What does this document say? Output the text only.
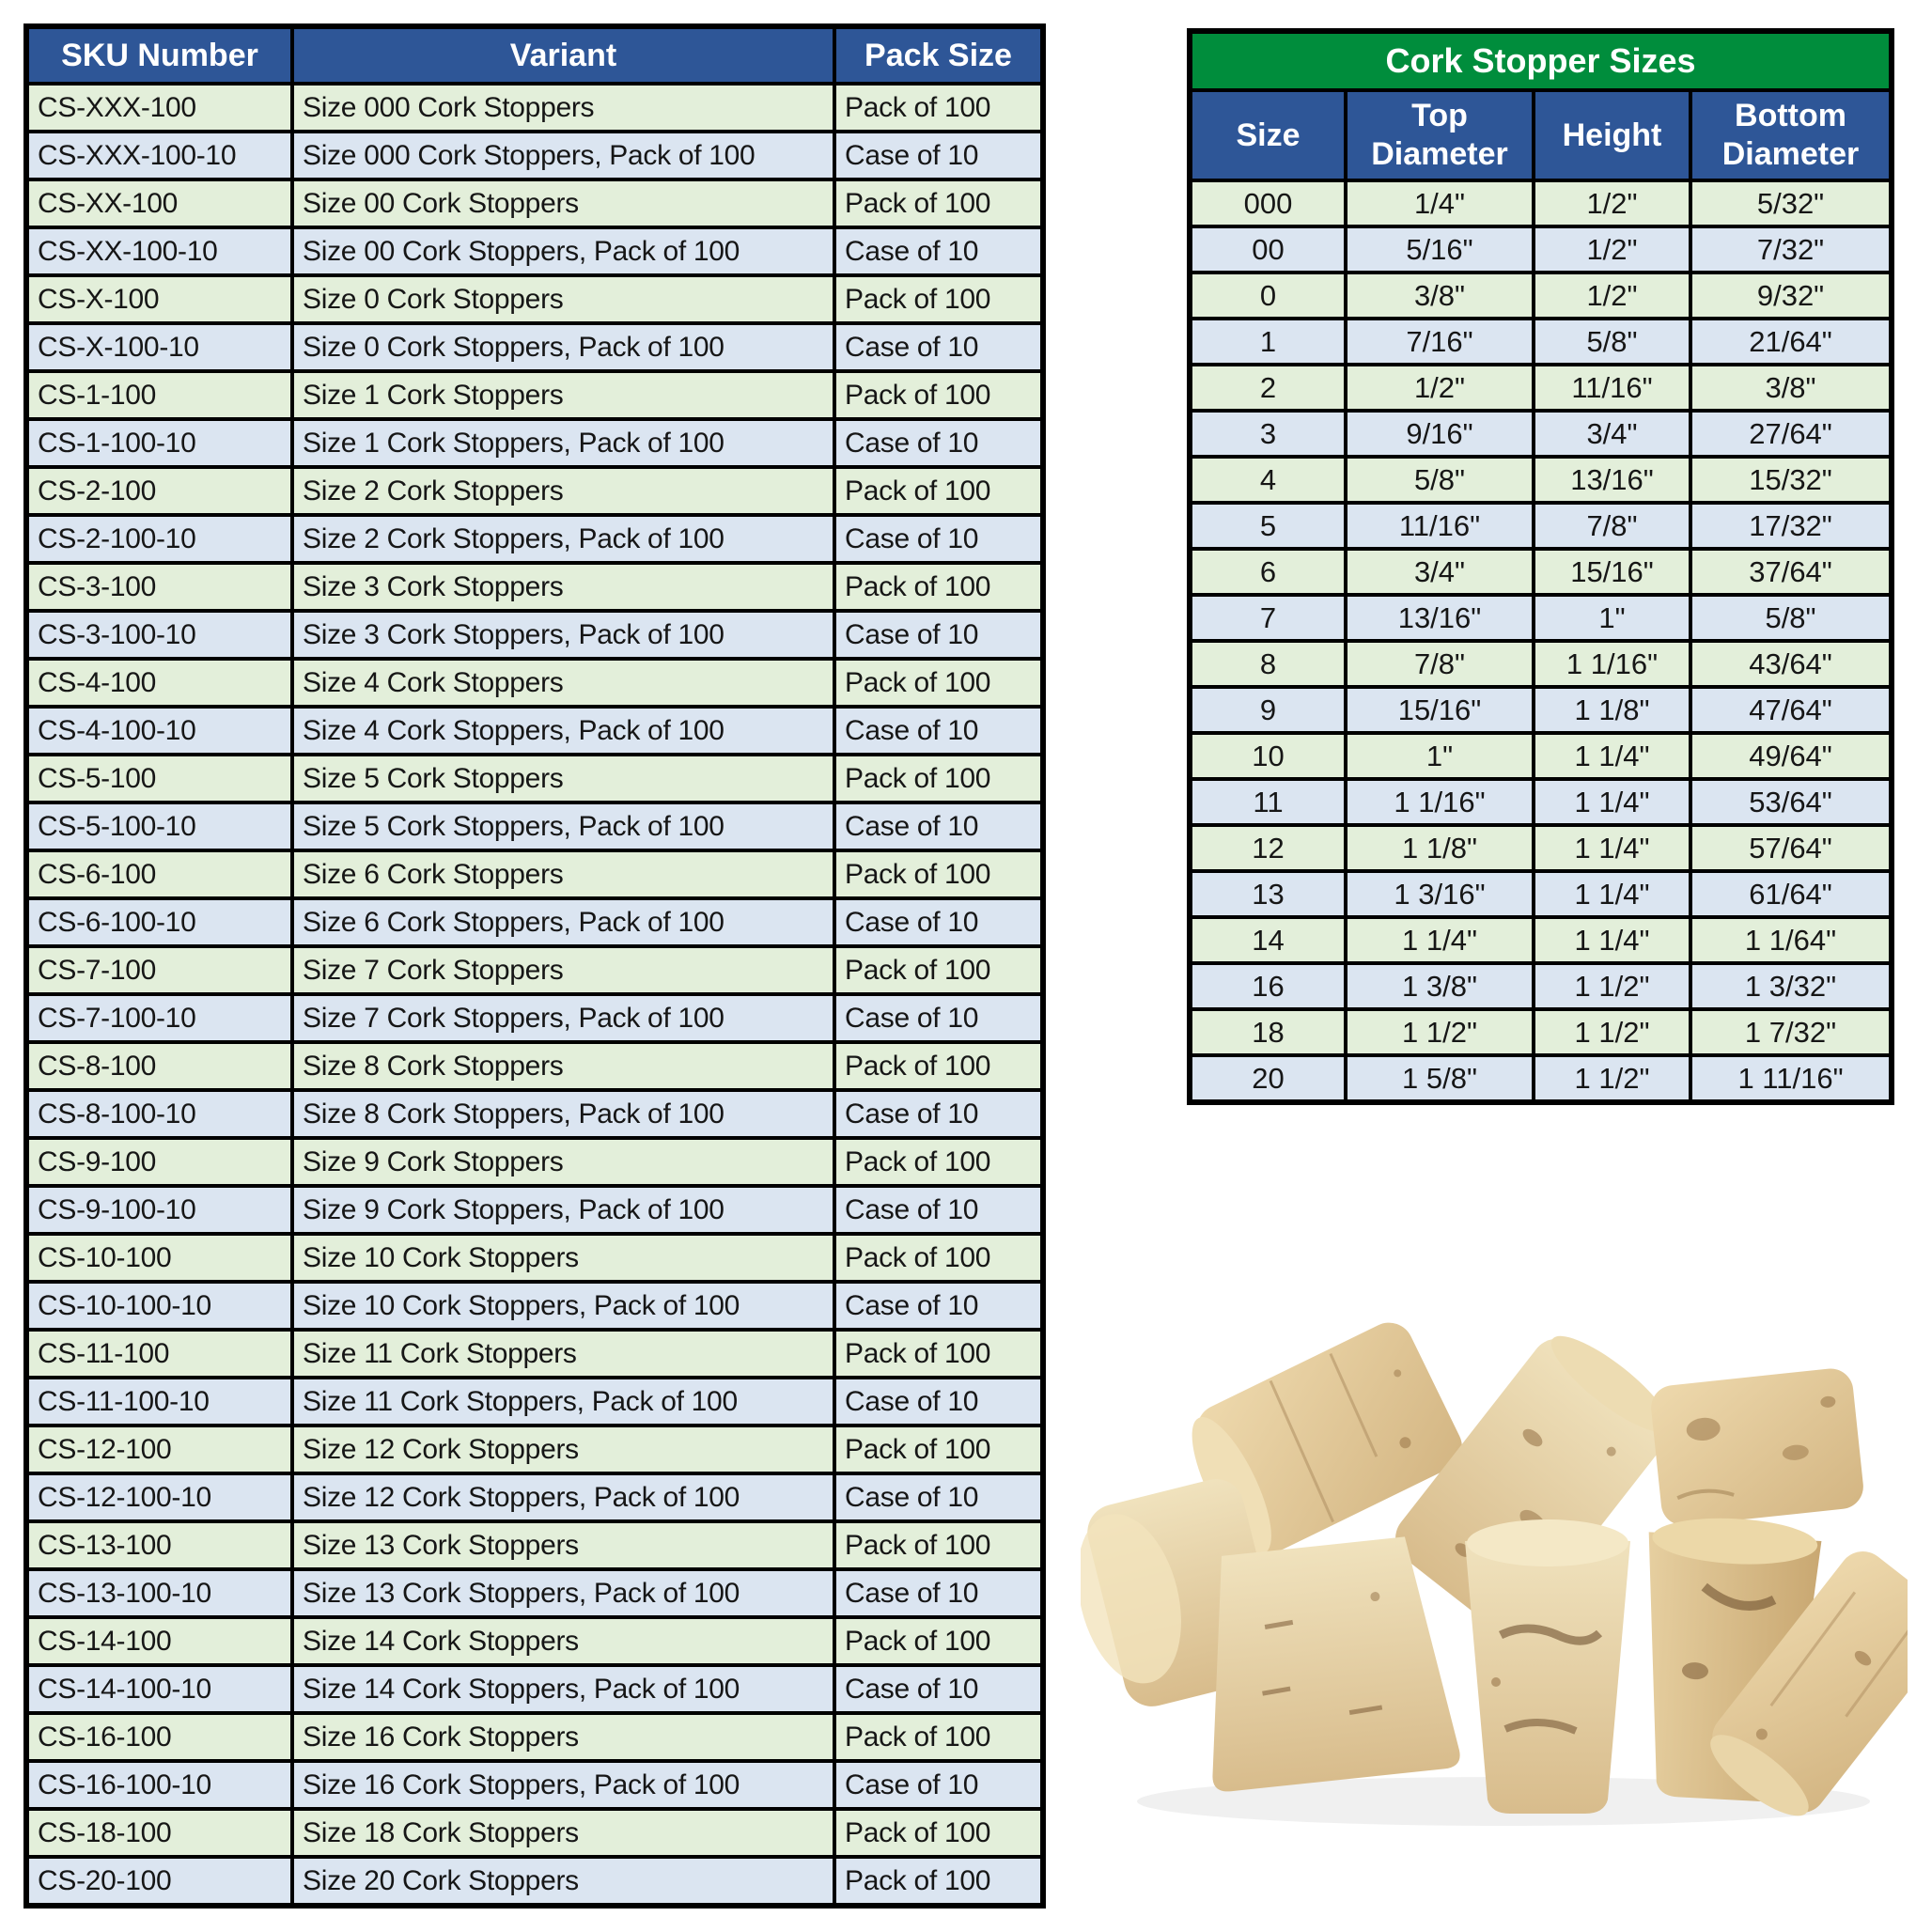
SKU Number	Variant	Pack Size
CS-XXX-100	Size 000 Cork Stoppers	Pack of 100
CS-XXX-100-10	Size 000 Cork Stoppers, Pack of 100	Case of 10
CS-XX-100	Size 00 Cork Stoppers	Pack of 100
CS-XX-100-10	Size 00 Cork Stoppers, Pack of 100	Case of 10
CS-X-100	Size 0 Cork Stoppers	Pack of 100
CS-X-100-10	Size 0 Cork Stoppers, Pack of 100	Case of 10
CS-1-100	Size 1 Cork Stoppers	Pack of 100
CS-1-100-10	Size 1 Cork Stoppers, Pack of 100	Case of 10
CS-2-100	Size 2 Cork Stoppers	Pack of 100
CS-2-100-10	Size 2 Cork Stoppers, Pack of 100	Case of 10
CS-3-100	Size 3 Cork Stoppers	Pack of 100
CS-3-100-10	Size 3 Cork Stoppers, Pack of 100	Case of 10
CS-4-100	Size 4 Cork Stoppers	Pack of 100
CS-4-100-10	Size 4 Cork Stoppers, Pack of 100	Case of 10
CS-5-100	Size 5 Cork Stoppers	Pack of 100
CS-5-100-10	Size 5 Cork Stoppers, Pack of 100	Case of 10
CS-6-100	Size 6 Cork Stoppers	Pack of 100
CS-6-100-10	Size 6 Cork Stoppers, Pack of 100	Case of 10
CS-7-100	Size 7 Cork Stoppers	Pack of 100
CS-7-100-10	Size 7 Cork Stoppers, Pack of 100	Case of 10
CS-8-100	Size 8 Cork Stoppers	Pack of 100
CS-8-100-10	Size 8 Cork Stoppers, Pack of 100	Case of 10
CS-9-100	Size 9 Cork Stoppers	Pack of 100
CS-9-100-10	Size 9 Cork Stoppers, Pack of 100	Case of 10
CS-10-100	Size 10 Cork Stoppers	Pack of 100
CS-10-100-10	Size 10 Cork Stoppers, Pack of 100	Case of 10
CS-11-100	Size 11 Cork Stoppers	Pack of 100
CS-11-100-10	Size 11 Cork Stoppers, Pack of 100	Case of 10
CS-12-100	Size 12 Cork Stoppers	Pack of 100
CS-12-100-10	Size 12 Cork Stoppers, Pack of 100	Case of 10
CS-13-100	Size 13 Cork Stoppers	Pack of 100
CS-13-100-10	Size 13 Cork Stoppers, Pack of 100	Case of 10
CS-14-100	Size 14 Cork Stoppers	Pack of 100
CS-14-100-10	Size 14 Cork Stoppers, Pack of 100	Case of 10
CS-16-100	Size 16 Cork Stoppers	Pack of 100
CS-16-100-10	Size 16 Cork Stoppers, Pack of 100	Case of 10
CS-18-100	Size 18 Cork Stoppers	Pack of 100
CS-20-100	Size 20 Cork Stoppers	Pack of 100
Cork Stopper Sizes			
Size	Top Diameter	Height	Bottom Diameter
000	1/4"	1/2"	5/32"
00	5/16"	1/2"	7/32"
0	3/8"	1/2"	9/32"
1	7/16"	5/8"	21/64"
2	1/2"	11/16"	3/8"
3	9/16"	3/4"	27/64"
4	5/8"	13/16"	15/32"
5	11/16"	7/8"	17/32"
6	3/4"	15/16"	37/64"
7	13/16"	1"	5/8"
8	7/8"	1 1/16"	43/64"
9	15/16"	1 1/8"	47/64"
10	1"	1 1/4"	49/64"
11	1 1/16"	1 1/4"	53/64"
12	1 1/8"	1 1/4"	57/64"
13	1 3/16"	1 1/4"	61/64"
14	1 1/4"	1 1/4"	1 1/64"
16	1 3/8"	1 1/2"	1 3/32"
18	1 1/2"	1 1/2"	1 7/32"
20	1 5/8"	1 1/2"	1 11/16"
